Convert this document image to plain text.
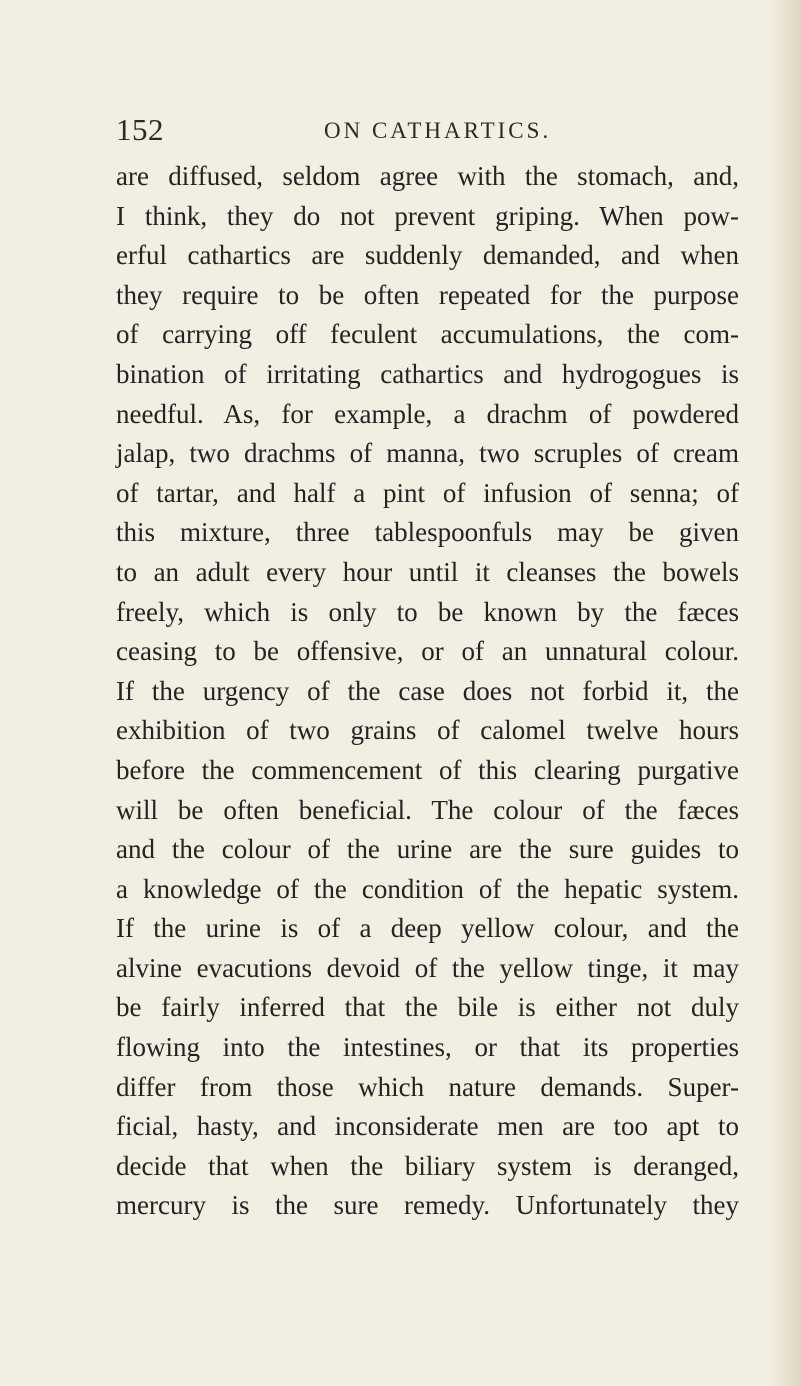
152	ON CATHARTICS.
are diffused, seldom agree with the stomach, and,
I think, they do not prevent griping. When pow-
erful cathartics are suddenly demanded, and when
they require to be often repeated for the purpose
of carrying off feculent accumulations, the com-
bination of irritating cathartics and hydrogogues is
needful. As, for example, a drachm of powdered
jalap, two drachms of manna, two scruples of cream
of tartar, and half a pint of infusion of senna; of
this mixture, three tablespoonfuls may be given
to an adult every hour until it cleanses the bowels
freely, which is only to be known by the fæces
ceasing to be offensive, or of an unnatural colour.
If the urgency of the case does not forbid it, the
exhibition of two grains of calomel twelve hours
before the commencement of this clearing purgative
will be often beneficial. The colour of the fæces
and the colour of the urine are the sure guides to
a knowledge of the condition of the hepatic system.
If the urine is of a deep yellow colour, and the
alvine evacutions devoid of the yellow tinge, it may
be fairly inferred that the bile is either not duly
flowing into the intestines, or that its properties
differ from those which nature demands. Super-
ficial, hasty, and inconsiderate men are too apt to
decide that when the biliary system is deranged,
mercury is the sure remedy. Unfortunately they
